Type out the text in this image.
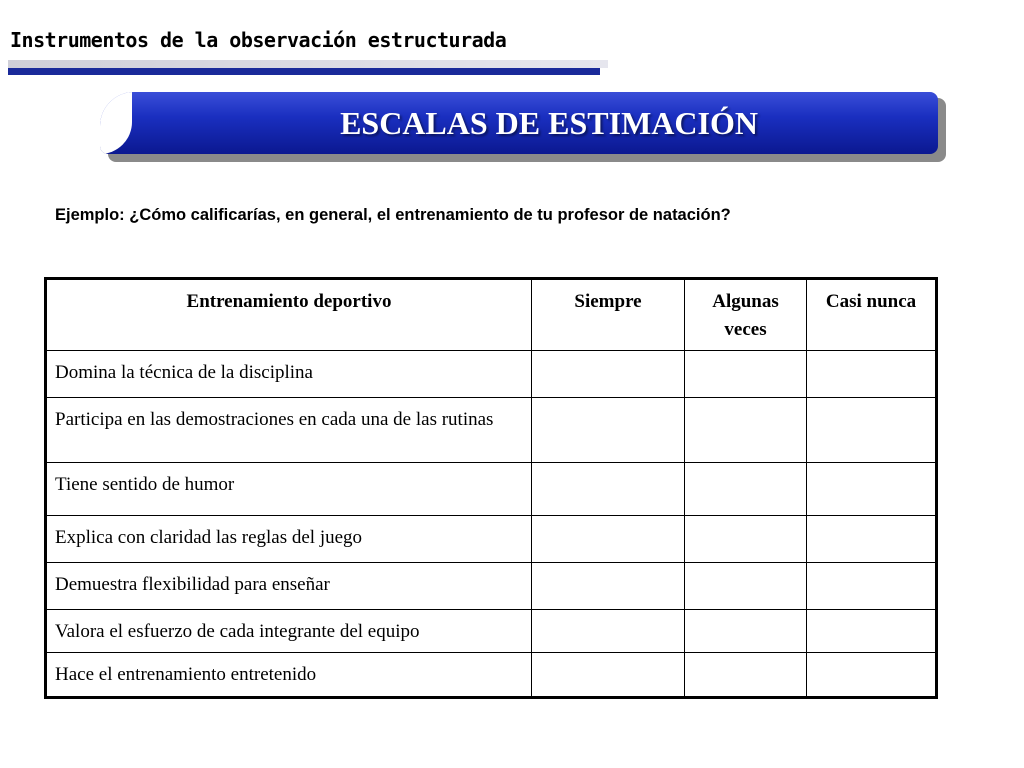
Instrumentos de la observación estructurada
ESCALAS DE ESTIMACIÓN
Ejemplo: ¿Cómo calificarías, en general, el entrenamiento de tu profesor de natación?
Entrenamiento deportivo	Siempre	Algunas veces	Casi nunca
Domina la técnica de la disciplina			
Participa en las demostraciones en cada una de las rutinas			
Tiene sentido de humor			
Explica con claridad las reglas del juego			
Demuestra flexibilidad para enseñar			
Valora el esfuerzo de cada integrante del equipo			
Hace el entrenamiento entretenido			
